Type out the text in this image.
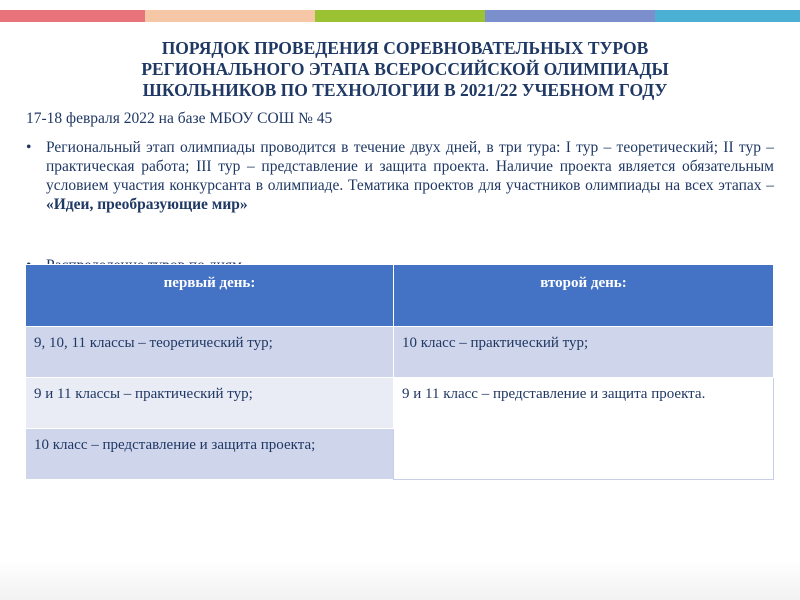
ПОРЯДОК ПРОВЕДЕНИЯ СОРЕВНОВАТЕЛЬНЫХ ТУРОВ
РЕГИОНАЛЬНОГО ЭТАПА ВСЕРОССИЙСКОЙ ОЛИМПИАДЫ
ШКОЛЬНИКОВ ПО ТЕХНОЛОГИИ В 2021/22 УЧЕБНОМ ГОДУ
17-18 февраля 2022 на базе МБОУ СОШ № 45
• Региональный этап олимпиады проводится в течение двух дней, в три тура: I тур – теоретический; II тур – практическая работа; III тур – представление и защита проекта. Наличие проекта является обязательным условием участия конкурсанта в олимпиаде. Тематика проектов для участников олимпиады на всех этапах – «Идеи, преобразующие мир»
первый день:	второй день:
9, 10, 11 классы – теоретический тур;	10 класс – практический тур;
9 и 11 классы – практический тур;	9 и 11 класс – представление и защита проекта.
10 класс – представление и защита проекта;	
